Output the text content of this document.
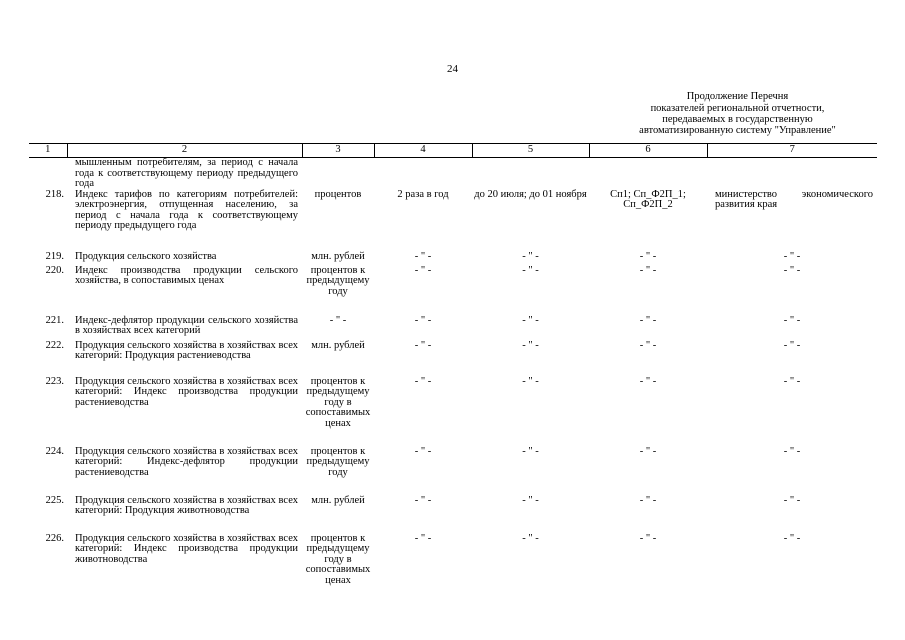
24
Продолжение Перечня
показателей региональной отчетности,
передаваемых в государственную
автоматизированную систему "Управление"
1	2	3	4	5	6	7
	мышленным потребителям, за период с начала года к соответствующему периоду предыдущего года					
218.	Индекс тарифов по категориям потребителей: электроэнергия, отпущенная населению, за период с начала года к соответствующему периоду предыдущего года	процентов	2 раза в год	до 20 июля; до 01 ноября	Сп1; Сп_Ф2П_1; Сп_Ф2П_2	министерство экономического развития края
219.	Продукция сельского хозяйства	млн. рублей	- " -	- " -	- " -	- " -
220.	Индекс производства продукции сельского хозяйства, в сопоставимых ценах	процентов к предыдущему году	- " -	- " -	- " -	- " -
221.	Индекс-дефлятор продукции сельского хозяйства в хозяйствах всех категорий	- " -	- " -	- " -	- " -	- " -
222.	Продукция сельского хозяйства в хозяйствах всех категорий: Продукция растениеводства	млн. рублей	- " -	- " -	- " -	- " -
223.	Продукция сельского хозяйства в хозяйствах всех категорий: Индекс производства продукции растениеводства	процентов к предыдущему году в сопоставимых ценах	- " -	- " -	- " -	- " -
224.	Продукция сельского хозяйства в хозяйствах всех категорий: Индекс-дефлятор продукции растениеводства	процентов к предыдущему году	- " -	- " -	- " -	- " -
225.	Продукция сельского хозяйства в хозяйствах всех категорий: Продукция животноводства	млн. рублей	- " -	- " -	- " -	- " -
226.	Продукция сельского хозяйства в хозяйствах всех категорий: Индекс производства продукции животноводства	процентов к предыдущему году в сопоставимых ценах	- " -	- " -	- " -	- " -
